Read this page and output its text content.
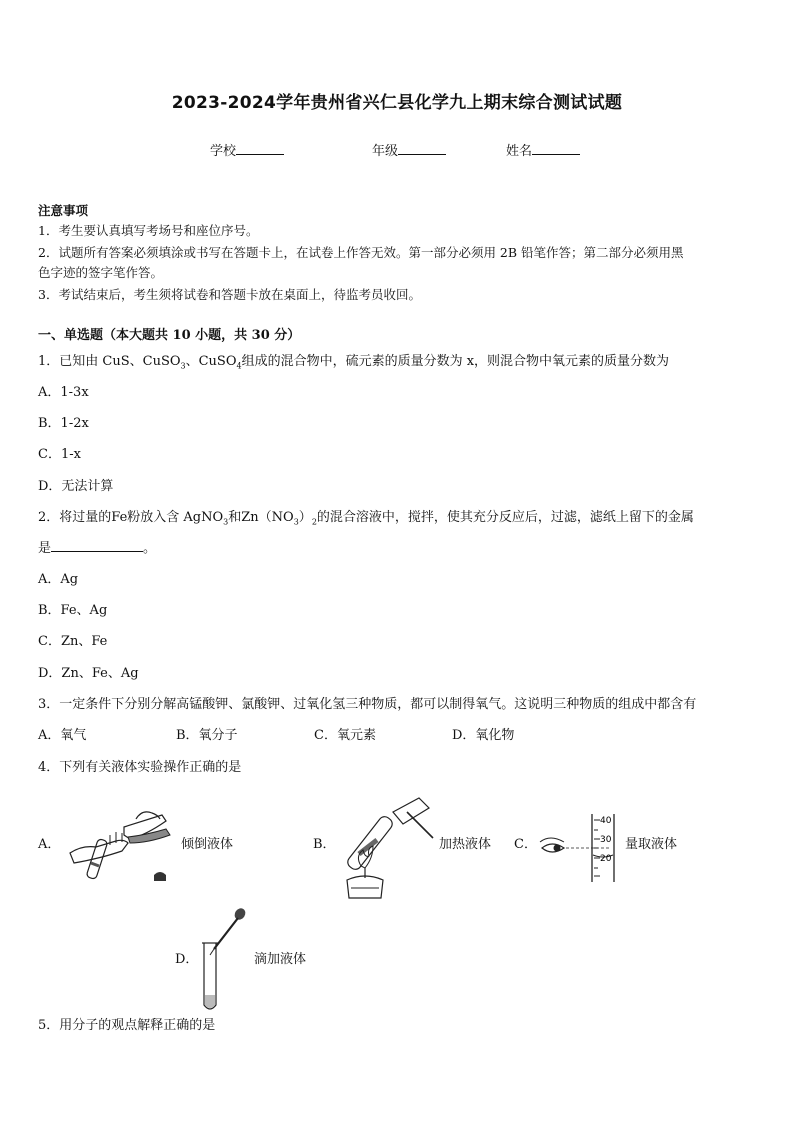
2023-2024学年贵州省兴仁县化学九上期末综合测试试题
学校	年级	姓名
注意事项
1．考生要认真填写考场号和座位序号。
2．试题所有答案必须填涂或书写在答题卡上，在试卷上作答无效。第一部分必须用 2B 铅笔作答；第二部分必须用黑
色字迹的签字笔作答。
3．考试结束后，考生须将试卷和答题卡放在桌面上，待监考员收回。
一、单选题（本大题共 10 小题，共 30 分）
1．已知由 CuS、CuSO$_3$、CuSO$_4$组成的混合物中，硫元素的质量分数为 x，则混合物中氧元素的质量分数为
A．1-3x
B．1-2x
C．1-x
D．无法计算
2．将过量的Fe粉放入含 AgNO$_3$和$Zn(NO_3)_2$的混合溶液中，搅拌，使其充分反应后，过滤，滤纸上留下的金属
是	。
A．Ag
B．Fe、Ag
C．Zn、Fe
D．Zn、Fe、Ag
3．一定条件下分别分解高锰酸钾、氯酸钾、过氧化氢三种物质，都可以制得氧气。这说明三种物质的组成中都含有
A．氧气	B．氧分子	C．氧元素	D．氧化物
4．下列有关液体实验操作正确的是
A．	倾倒液体	B．	加热液体 C．
40
30
20
量取液体
D．	滴加液体
5．用分子的观点解释正确的是
